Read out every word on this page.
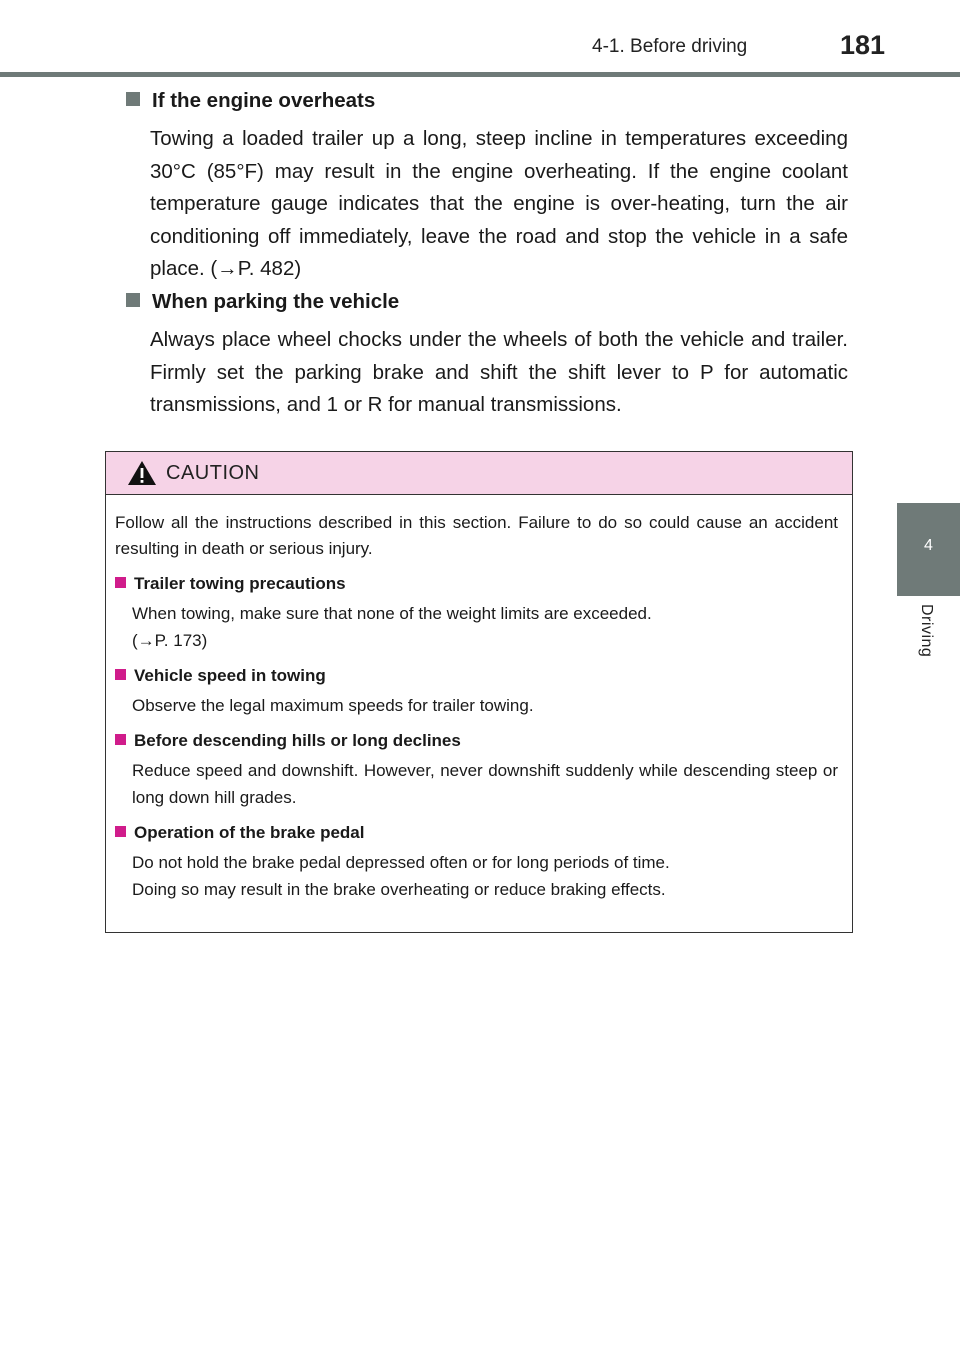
4-1. Before driving	181
4
Driving
If the engine overheats
Towing a loaded trailer up a long, steep incline in temperatures exceeding 30°C (85°F) may result in the engine overheating. If the engine coolant temperature gauge indicates that the engine is over-heating, turn the air conditioning off immediately, leave the road and stop the vehicle in a safe place. (→P. 482)
When parking the vehicle
Always place wheel chocks under the wheels of both the vehicle and trailer. Firmly set the parking brake and shift the shift lever to P for automatic transmissions, and 1 or R for manual transmissions.
CAUTION
Follow all the instructions described in this section. Failure to do so could cause an accident resulting in death or serious injury.
Trailer towing precautions
When towing, make sure that none of the weight limits are exceeded.
(→P. 173)
Vehicle speed in towing
Observe the legal maximum speeds for trailer towing.
Before descending hills or long declines
Reduce speed and downshift. However, never downshift suddenly while descending steep or long down hill grades.
Operation of the brake pedal
Do not hold the brake pedal depressed often or for long periods of time.
Doing so may result in the brake overheating or reduce braking effects.
